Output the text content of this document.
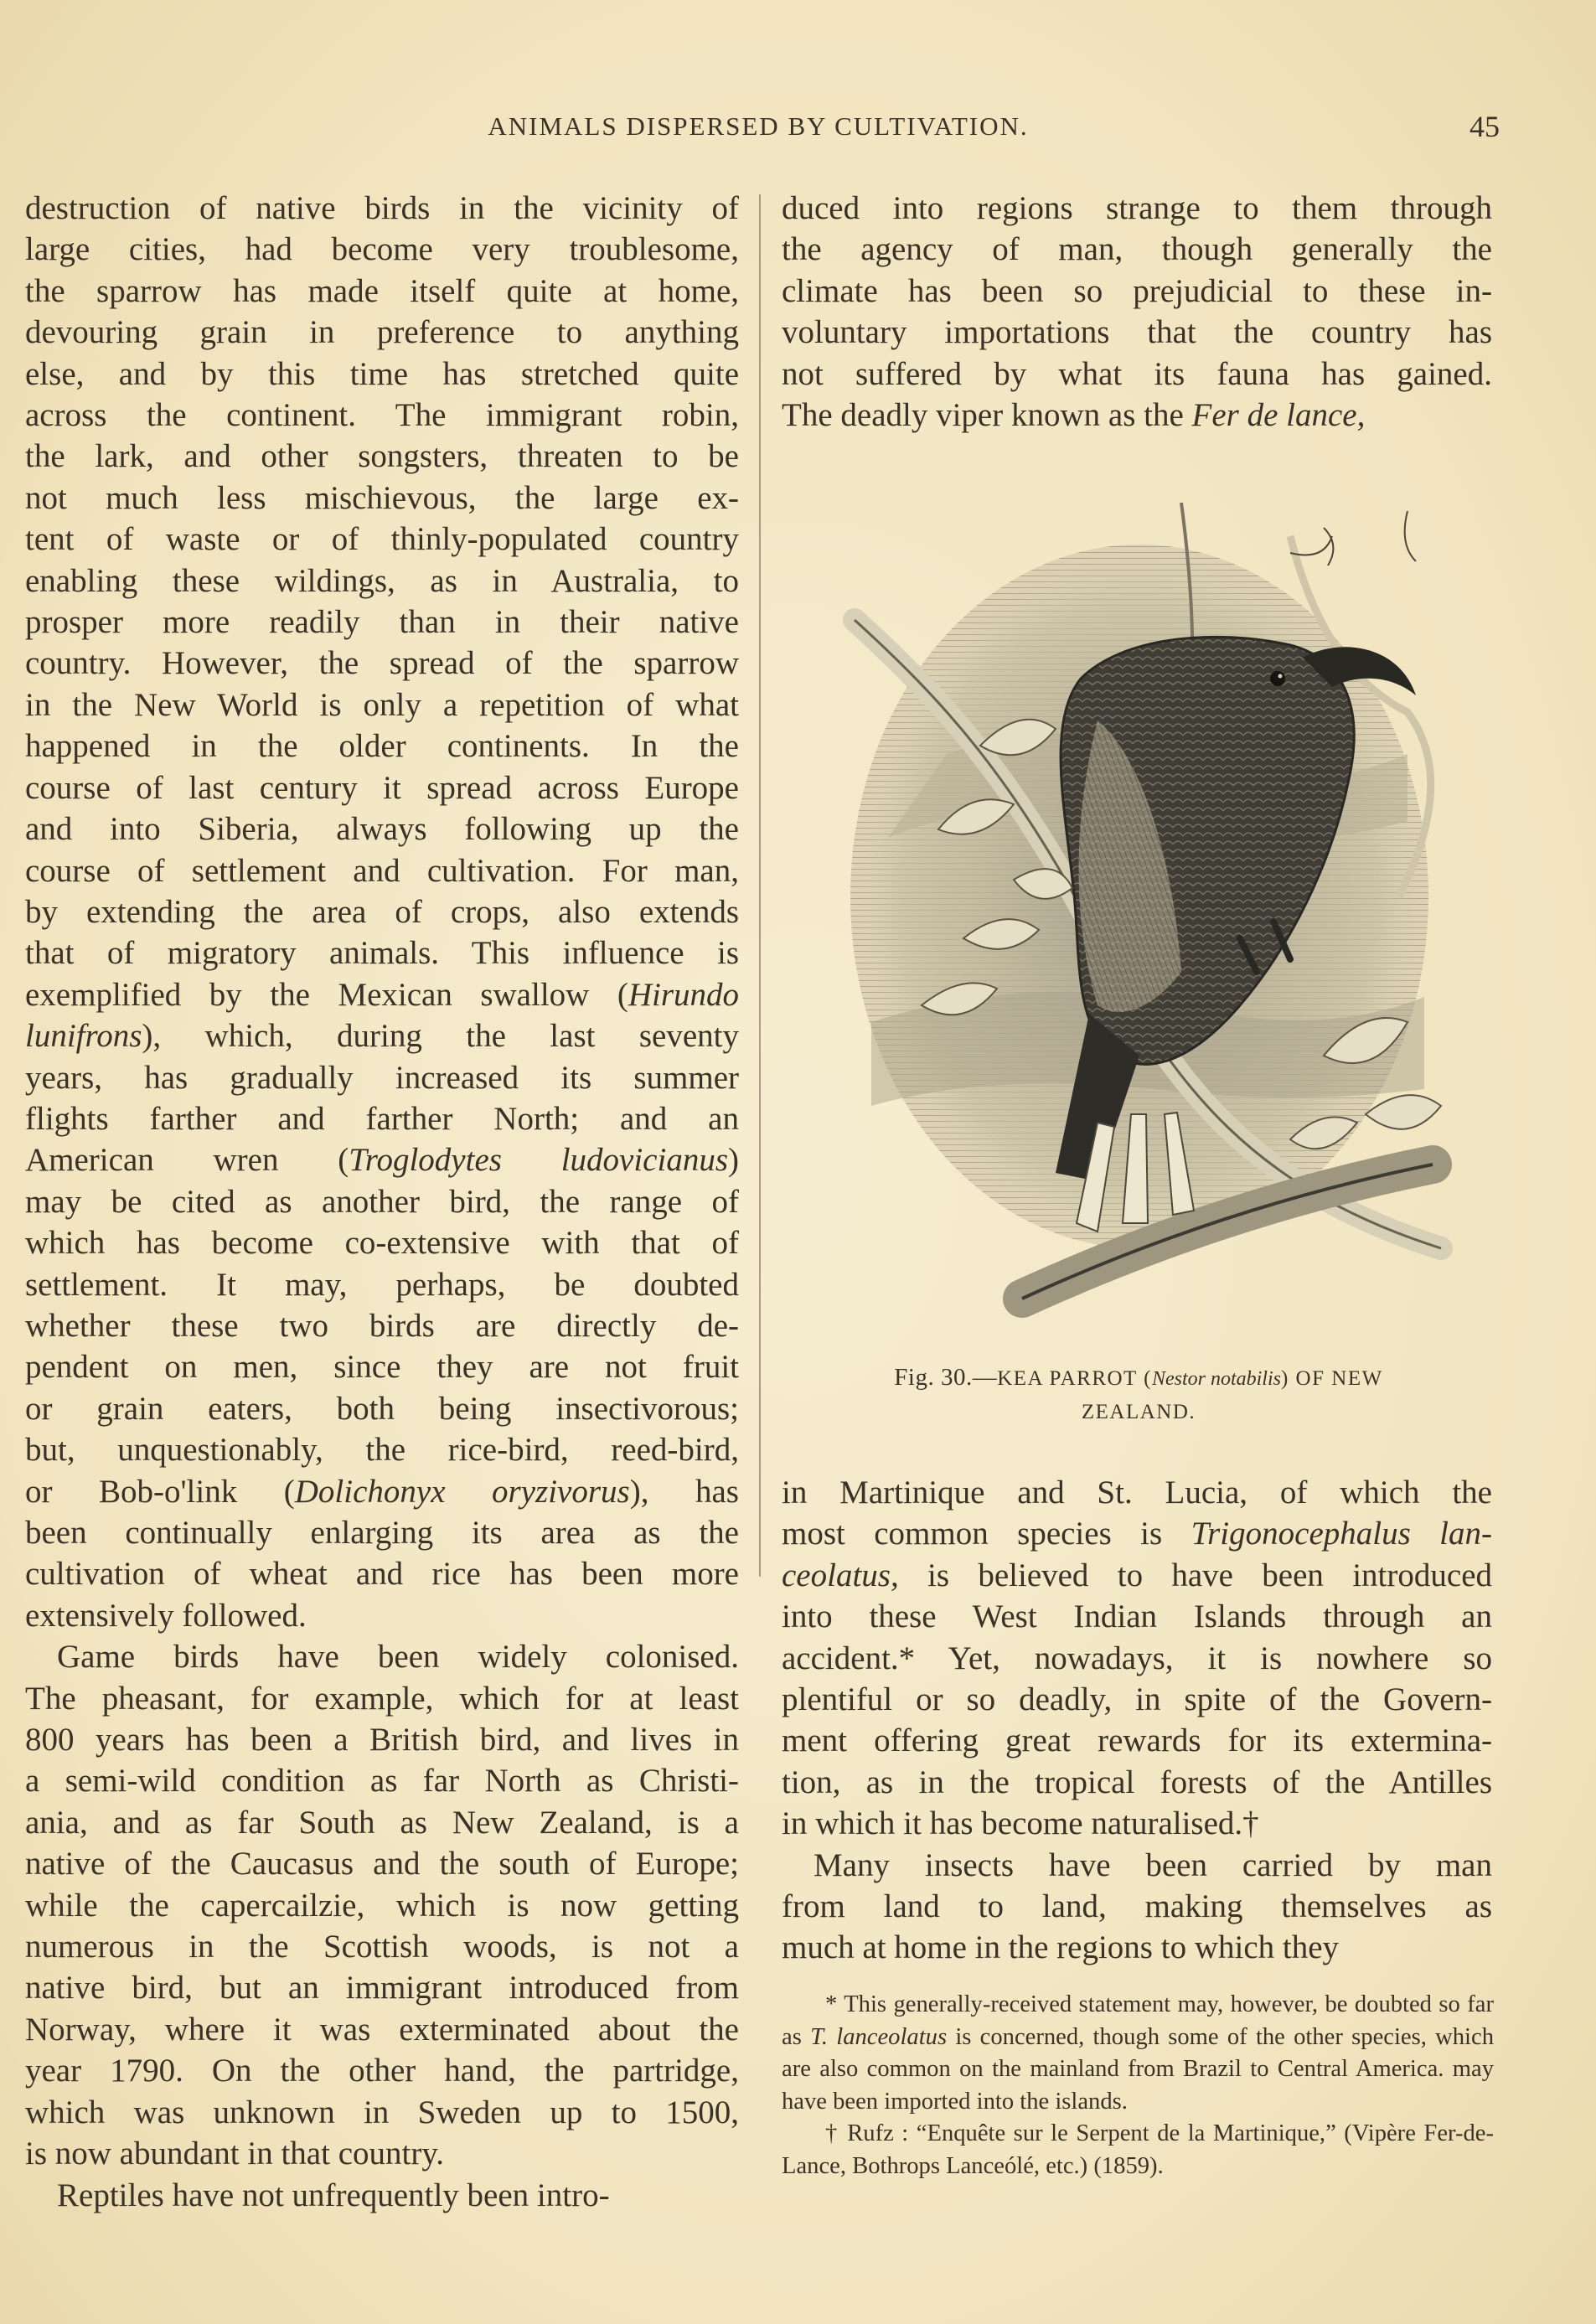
ANIMALS DISPERSED BY CULTIVATION.	45

destruction of native birds in the vicinity of

large cities, had become very troublesome,

the sparrow has made itself quite at home,

devouring grain in preference to anything

else, and by this time has stretched quite

across the continent. The immigrant robin,

the lark, and other songsters, threaten to be

not much less mischievous, the large ex-

tent of waste or of thinly-populated country

enabling these wildings, as in Australia, to

prosper more readily than in their native

country. However, the spread of the sparrow

in the New World is only a repetition of what

happened in the older continents. In the

course of last century it spread across Europe

and into Siberia, always following up the

course of settlement and cultivation. For man,

by extending the area of crops, also extends

that of migratory animals. This influence is

exemplified by the Mexican swallow (Hirundo

lunifrons), which, during the last seventy

years, has gradually increased its summer

flights farther and farther North; and an

American wren (Troglodytes ludovicianus)

may be cited as another bird, the range of

which has become co-extensive with that of

settlement. It may, perhaps, be doubted

whether these two birds are directly de-

pendent on men, since they are not fruit

or grain eaters, both being insectivorous;

but, unquestionably, the rice-bird, reed-bird,

or Bob-o'link (Dolichonyx oryzivorus), has

been continually enlarging its area as the

cultivation of wheat and rice has been more

extensively followed.

Game birds have been widely colonised.

The pheasant, for example, which for at least

800 years has been a British bird, and lives in

a semi-wild condition as far North as Christi-

ania, and as far South as New Zealand, is a

native of the Caucasus and the south of Europe;

while the capercailzie, which is now getting

numerous in the Scottish woods, is not a

native bird, but an immigrant introduced from

Norway, where it was exterminated about the

year 1790. On the other hand, the partridge,

which was unknown in Sweden up to 1500,

is now abundant in that country.

Reptiles have not unfrequently been intro-

duced into regions strange to them through

the agency of man, though generally the

climate has been so prejudicial to these in-

voluntary importations that the country has

not suffered by what its fauna has gained.

The deadly viper known as the Fer de lance,

Fig. 30.—KEA PARROT (Nestor notabilis) OF NEW
ZEALAND.

in Martinique and St. Lucia, of which the

most common species is Trigonocephalus lan-

ceolatus, is believed to have been introduced

into these West Indian Islands through an

accident.* Yet, nowadays, it is nowhere so

plentiful or so deadly, in spite of the Govern-

ment offering great rewards for its extermina-

tion, as in the tropical forests of the Antilles

in which it has become naturalised.†

Many insects have been carried by man

from land to land, making themselves as

much at home in the regions to which they

* This generally-received statement may, however, be doubted so far as T. lanceolatus is concerned, though some of the other species, which are also common on the mainland from Brazil to Central America. may have been imported into the islands.

† Rufz : “Enquête sur le Serpent de la Martinique,” (Vipère Fer-de-Lance, Bothrops Lanceólé, etc.) (1859).
